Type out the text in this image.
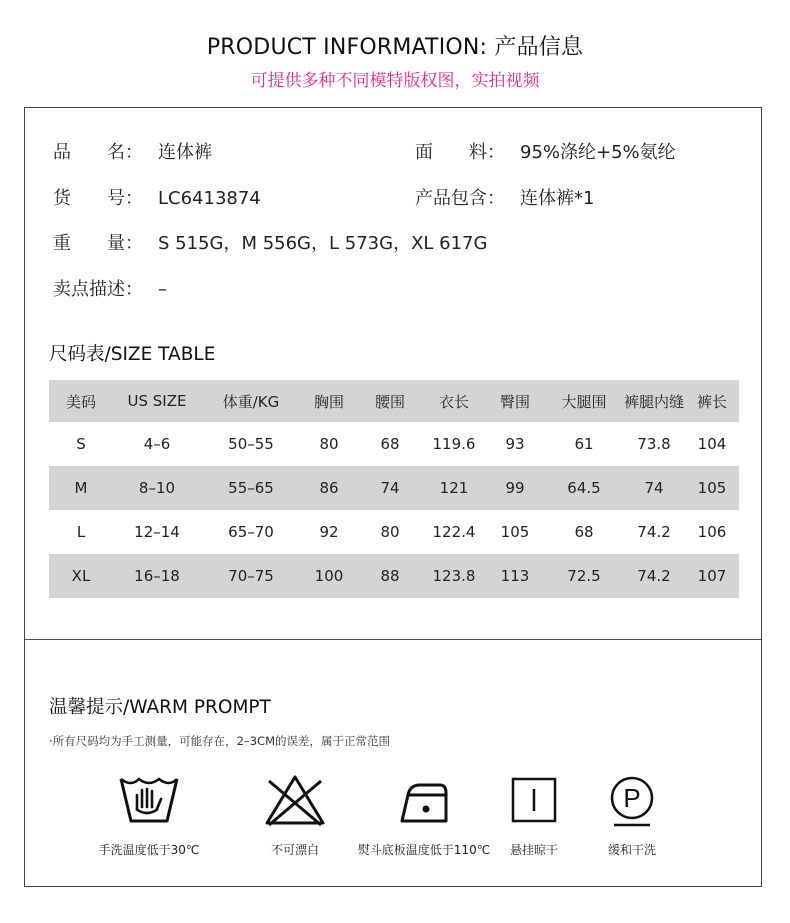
PRODUCT INFORMATION: 产品信息
可提供多种不同模特版权图，实拍视频
品　　名： 连体裤	面　　料： 95%涤纶+5%氨纶
货　　号： LC6413874	产品包含： 连体裤*1
重　　量： S 515G，M 556G，L 573G，XL 617G
卖点描述： –
尺码表/SIZE TABLE
美码	US SIZE	体重/KG	胸围	腰围	衣长	臀围	大腿围	裤腿内缝	裤长
S	4–6	50–55	80	68	119.6	93	61	73.8	104
M	8–10	55–65	86	74	121	99	64.5	74	105
L	12–14	65–70	92	80	122.4	105	68	74.2	106
XL	16–18	70–75	100	88	123.8	113	72.5	74.2	107
温馨提示/WARM PROMPT
·所有尺码均为手工测量，可能存在，2–3CM的误差，属于正常范围
手洗温度低于30℃	不可漂白	熨斗底板温度低于110℃	悬挂晾干
P
缓和干洗
